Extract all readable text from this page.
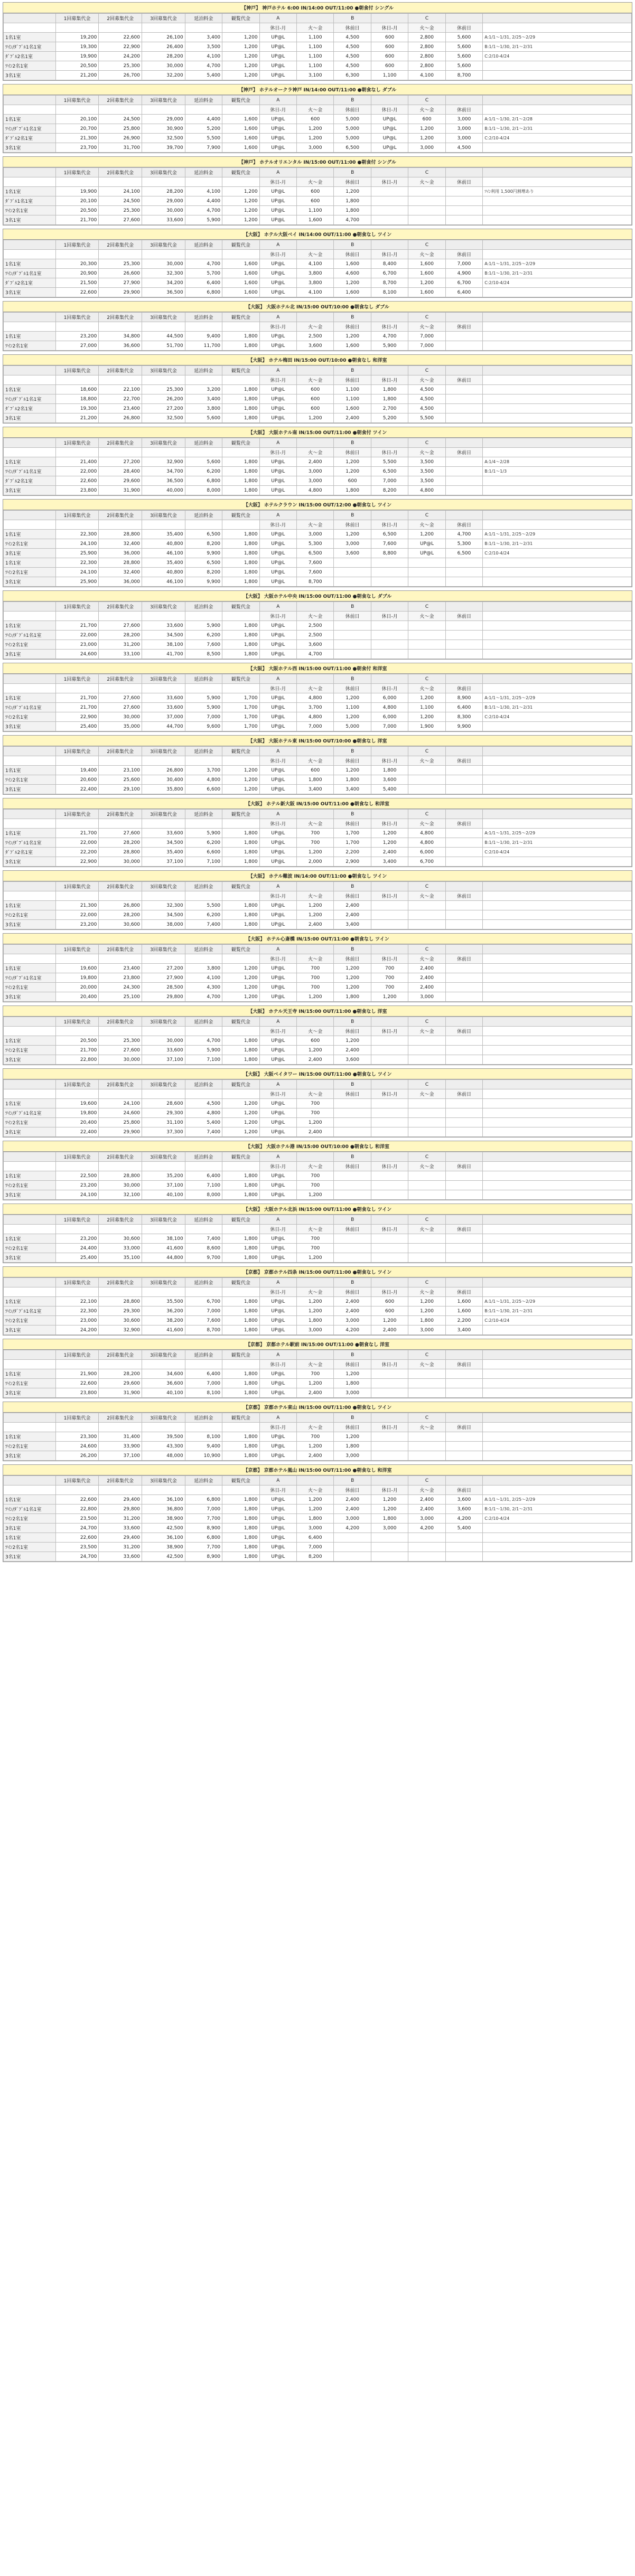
【神戸】 神戸ホテル 6:00 IN/14:00 OUT/11:00 ●朝食付 シングル
	1回募集代金	2回募集代金	3回募集代金	延泊料金	観覧代金	A		B		C		
						休日-月	火〜金	休前日	休日-月	火〜金	休前日	
1名1室	19,200	22,600	26,100	3,400	1,200	UP@L	1,100	4,500	600	2,800	5,600	A:1/1〜1/31, 2/25〜2/29
ﾂｲﾝ/ﾀﾞﾌﾞﾙ1名1室	19,300	22,900	26,400	3,500	1,200	UP@L	1,100	4,500	600	2,800	5,600	B:1/1〜1/30, 2/1〜2/31
ﾀﾞﾌﾞﾙ2名1室	19,900	24,200	28,200	4,100	1,200	UP@L	1,100	4,500	600	2,800	5,600	C:2/10-4/24
ﾂｲﾝ2名1室	20,500	25,300	30,000	4,700	1,200	UP@L	1,100	4,500	600	2,800	5,600	
3名1室	21,200	26,700	32,200	5,400	1,200	UP@L	3,100	6,300	1,100	4,100	8,700	
【神戸】 ホテルオークラ神戸 IN/14:00 OUT/11:00 ●朝食なし ダブル
	1回募集代金	2回募集代金	3回募集代金	延泊料金	観覧代金	A		B		C		
						休日-月	火〜金	休前日	休日-月	火〜金	休前日	
1名1室	20,100	24,500	29,000	4,400	1,600	UP@L	600	5,000	UP@L	600	3,000	A:1/1〜1/30, 2/1〜2/28
ﾂｲﾝ/ﾀﾞﾌﾞﾙ1名1室	20,700	25,800	30,900	5,200	1,600	UP@L	1,200	5,000	UP@L	1,200	3,000	B:1/1〜1/30, 2/1〜2/31
ﾀﾞﾌﾞﾙ2名1室	21,300	26,900	32,500	5,500	1,600	UP@L	1,200	5,000	UP@L	1,200	3,000	C:2/10-4/24
3名1室	23,700	31,700	39,700	7,900	1,600	UP@L	3,000	6,500	UP@L	3,000	4,500	
【神戸】 ホテルオリエンタル IN/15:00 OUT/11:00 ●朝食付 シングル
	1回募集代金	2回募集代金	3回募集代金	延泊料金	観覧代金	A		B		C		
						休日-月	火〜金	休前日	休日-月	火〜金	休前日	
1名1室	19,900	24,100	28,200	4,100	1,200	UP@L	600	1,200				ﾂｲﾝ利用 1,500円割増あり
ﾀﾞﾌﾞﾙ1名1室	20,100	24,500	29,000	4,400	1,200	UP@L	600	1,800				
ﾂｲﾝ2名1室	20,500	25,300	30,000	4,700	1,200	UP@L	1,100	1,800				
3名1室	21,700	27,600	33,600	5,900	1,200	UP@L	1,600	4,700				
【大阪】 ホテル大阪ベイ IN/14:00 OUT/11:00 ●朝食なし ツイン
	1回募集代金	2回募集代金	3回募集代金	延泊料金	観覧代金	A		B		C		
						休日-月	火〜金	休前日	休日-月	火〜金	休前日	
1名1室	20,300	25,300	30,000	4,700	1,600	UP@L	4,100	1,600	8,400	1,600	7,000	A:1/1〜1/31, 2/25〜2/29
ﾂｲﾝ/ﾀﾞﾌﾞﾙ1名1室	20,900	26,600	32,300	5,700	1,600	UP@L	3,800	4,600	6,700	1,600	4,900	B:1/1〜1/30, 2/1〜2/31
ﾀﾞﾌﾞﾙ2名1室	21,500	27,900	34,200	6,400	1,600	UP@L	3,800	1,200	8,700	1,200	6,700	C:2/10-4/24
3名1室	22,600	29,900	36,500	6,800	1,600	UP@L	4,100	1,600	8,100	1,600	6,400	
【大阪】 大阪ホテル北 IN/15:00 OUT/10:00 ●朝食なし ダブル
	1回募集代金	2回募集代金	3回募集代金	延泊料金	観覧代金	A		B		C		
						休日-月	火〜金	休前日	休日-月	火〜金	休前日	
1名1室	23,200	34,800	44,500	9,400	1,800	UP@L	2,500	1,200	4,700	7,000		
ﾂｲﾝ2名1室	27,000	36,600	51,700	11,700	1,800	UP@L	3,600	1,600	5,900	7,000		
【大阪】 ホテル梅田 IN/15:00 OUT/10:00 ●朝食なし 和洋室
	1回募集代金	2回募集代金	3回募集代金	延泊料金	観覧代金	A		B		C		
						休日-月	火〜金	休前日	休日-月	火〜金	休前日	
1名1室	18,600	22,100	25,300	3,200	1,800	UP@L	600	1,100	1,800	4,500		
ﾂｲﾝ/ﾀﾞﾌﾞﾙ1名1室	18,800	22,700	26,200	3,400	1,800	UP@L	600	1,100	1,800	4,500		
ﾀﾞﾌﾞﾙ2名1室	19,300	23,400	27,200	3,800	1,800	UP@L	600	1,600	2,700	4,500		
3名1室	21,200	26,800	32,500	5,600	1,800	UP@L	1,200	2,400	5,200	5,500		
【大阪】 大阪ホテル南 IN/15:00 OUT/11:00 ●朝食付 ツイン
	1回募集代金	2回募集代金	3回募集代金	延泊料金	観覧代金	A		B		C		
						休日-月	火〜金	休前日	休日-月	火〜金	休前日	
1名1室	21,400	27,200	32,900	5,600	1,800	UP@L	2,400	1,200	5,500	3,500		A:1/4〜2/28
ﾂｲﾝ/ﾀﾞﾌﾞﾙ1名1室	22,000	28,400	34,700	6,200	1,800	UP@L	3,000	1,200	6,500	3,500		B:1/1〜1/3
ﾀﾞﾌﾞﾙ2名1室	22,600	29,600	36,500	6,800	1,800	UP@L	3,000	600	7,000	3,500		
3名1室	23,800	31,900	40,000	8,000	1,800	UP@L	4,800	1,800	8,200	4,800		
【大阪】 ホテルクラウン IN/15:00 OUT/12:00 ●朝食なし ツイン
	1回募集代金	2回募集代金	3回募集代金	延泊料金	観覧代金	A		B		C		
						休日-月	火〜金	休前日	休日-月	火〜金	休前日	
1名1室	22,300	28,800	35,400	6,500	1,800	UP@L	3,000	1,200	6,500	1,200	4,700	A:1/1〜1/31, 2/25〜2/29
ﾂｲﾝ2名1室	24,100	32,400	40,800	8,200	1,800	UP@L	5,300	3,000	7,600	UP@L	5,300	B:1/1〜1/30, 2/1〜2/31
3名1室	25,900	36,000	46,100	9,900	1,800	UP@L	6,500	3,600	8,800	UP@L	6,500	C:2/10-4/24
1名1室	22,300	28,800	35,400	6,500	1,800	UP@L	7,600					
ﾂｲﾝ2名1室	24,100	32,400	40,800	8,200	1,800	UP@L	7,600					
3名1室	25,900	36,000	46,100	9,900	1,800	UP@L	8,700					
【大阪】 大阪ホテル中央 IN/15:00 OUT/11:00 ●朝食なし ダブル
	1回募集代金	2回募集代金	3回募集代金	延泊料金	観覧代金	A		B		C		
						休日-月	火〜金	休前日	休日-月	火〜金	休前日	
1名1室	21,700	27,600	33,600	5,900	1,800	UP@L	2,500					
ﾂｲﾝ/ﾀﾞﾌﾞﾙ1名1室	22,000	28,200	34,500	6,200	1,800	UP@L	2,500					
ﾂｲﾝ2名1室	23,000	31,200	38,100	7,600	1,800	UP@L	3,600					
3名1室	24,600	33,100	41,700	8,500	1,800	UP@L	4,700					
【大阪】 大阪ホテル西 IN/15:00 OUT/11:00 ●朝食付 和洋室
	1回募集代金	2回募集代金	3回募集代金	延泊料金	観覧代金	A		B		C		
						休日-月	火〜金	休前日	休日-月	火〜金	休前日	
1名1室	21,700	27,600	33,600	5,900	1,700	UP@L	4,800	1,200	6,000	1,200	8,900	A:1/1〜1/31, 2/25〜2/29
ﾂｲﾝ/ﾀﾞﾌﾞﾙ1名1室	21,700	27,600	33,600	5,900	1,700	UP@L	3,700	1,100	4,800	1,100	6,400	B:1/1〜1/30, 2/1〜2/31
ﾂｲﾝ2名1室	22,900	30,000	37,000	7,000	1,700	UP@L	4,800	1,200	6,000	1,200	8,300	C:2/10-4/24
3名1室	25,400	35,000	44,700	9,600	1,700	UP@L	7,000	5,000	7,000	1,900	9,900	
【大阪】 大阪ホテル東 IN/15:00 OUT/10:00 ●朝食なし 洋室
	1回募集代金	2回募集代金	3回募集代金	延泊料金	観覧代金	A		B		C		
						休日-月	火〜金	休前日	休日-月	火〜金	休前日	
1名1室	19,400	23,100	26,800	3,700	1,200	UP@L	600	1,200	1,800			
ﾂｲﾝ2名1室	20,600	25,600	30,400	4,800	1,200	UP@L	1,800	1,800	3,600			
3名1室	22,400	29,100	35,800	6,600	1,200	UP@L	3,400	3,400	5,400			
【大阪】 ホテル新大阪 IN/15:00 OUT/11:00 ●朝食なし 和洋室
	1回募集代金	2回募集代金	3回募集代金	延泊料金	観覧代金	A		B		C		
						休日-月	火〜金	休前日	休日-月	火〜金	休前日	
1名1室	21,700	27,600	33,600	5,900	1,800	UP@L	700	1,700	1,200	4,800		A:1/1〜1/31, 2/25〜2/29
ﾂｲﾝ/ﾀﾞﾌﾞﾙ1名1室	22,000	28,200	34,500	6,200	1,800	UP@L	700	1,700	1,200	4,800		B:1/1〜1/30, 2/1〜2/31
ﾀﾞﾌﾞﾙ2名1室	22,200	28,800	35,400	6,600	1,800	UP@L	1,200	2,200	2,400	6,000		C:2/10-4/24
3名1室	22,900	30,000	37,100	7,100	1,800	UP@L	2,000	2,900	3,400	6,700		
【大阪】 ホテル難波 IN/14:00 OUT/11:00 ●朝食なし ツイン
	1回募集代金	2回募集代金	3回募集代金	延泊料金	観覧代金	A		B		C		
						休日-月	火〜金	休前日	休日-月	火〜金	休前日	
1名1室	21,300	26,800	32,300	5,500	1,800	UP@L	1,200	2,400				
ﾂｲﾝ2名1室	22,000	28,200	34,500	6,200	1,800	UP@L	1,200	2,400				
3名1室	23,200	30,600	38,000	7,400	1,800	UP@L	2,400	3,400				
【大阪】 ホテル心斎橋 IN/15:00 OUT/11:00 ●朝食なし ツイン
	1回募集代金	2回募集代金	3回募集代金	延泊料金	観覧代金	A		B		C		
						休日-月	火〜金	休前日	休日-月	火〜金	休前日	
1名1室	19,600	23,400	27,200	3,800	1,200	UP@L	700	1,200	700	2,400		
ﾂｲﾝ/ﾀﾞﾌﾞﾙ1名1室	19,800	23,800	27,900	4,100	1,200	UP@L	700	1,200	700	2,400		
ﾂｲﾝ2名1室	20,000	24,300	28,500	4,300	1,200	UP@L	700	1,200	700	2,400		
3名1室	20,400	25,100	29,800	4,700	1,200	UP@L	1,200	1,800	1,200	3,000		
【大阪】 ホテル天王寺 IN/15:00 OUT/11:00 ●朝食なし 洋室
	1回募集代金	2回募集代金	3回募集代金	延泊料金	観覧代金	A		B		C		
						休日-月	火〜金	休前日	休日-月	火〜金	休前日	
1名1室	20,500	25,300	30,000	4,700	1,800	UP@L	600	1,200				
ﾂｲﾝ2名1室	21,700	27,600	33,600	5,900	1,800	UP@L	1,200	2,400				
3名1室	22,800	30,000	37,100	7,100	1,800	UP@L	2,400	3,600				
【大阪】 大阪ベイタワー IN/15:00 OUT/11:00 ●朝食なし ツイン
	1回募集代金	2回募集代金	3回募集代金	延泊料金	観覧代金	A		B		C		
						休日-月	火〜金	休前日	休日-月	火〜金	休前日	
1名1室	19,600	24,100	28,600	4,500	1,200	UP@L	700					
ﾂｲﾝ/ﾀﾞﾌﾞﾙ1名1室	19,800	24,600	29,300	4,800	1,200	UP@L	700					
ﾂｲﾝ2名1室	20,400	25,800	31,100	5,400	1,200	UP@L	1,200					
3名1室	22,400	29,900	37,300	7,400	1,200	UP@L	2,400					
【大阪】 大阪ホテル港 IN/15:00 OUT/10:00 ●朝食なし 和洋室
	1回募集代金	2回募集代金	3回募集代金	延泊料金	観覧代金	A		B		C		
						休日-月	火〜金	休前日	休日-月	火〜金	休前日	
1名1室	22,500	28,800	35,200	6,400	1,800	UP@L	700					
ﾂｲﾝ2名1室	23,200	30,000	37,100	7,100	1,800	UP@L	700					
3名1室	24,100	32,100	40,100	8,000	1,800	UP@L	1,200					
【大阪】 大阪ホテル北浜 IN/15:00 OUT/11:00 ●朝食なし ツイン
	1回募集代金	2回募集代金	3回募集代金	延泊料金	観覧代金	A		B		C		
						休日-月	火〜金	休前日	休日-月	火〜金	休前日	
1名1室	23,200	30,600	38,100	7,400	1,800	UP@L	700					
ﾂｲﾝ2名1室	24,400	33,000	41,600	8,600	1,800	UP@L	700					
3名1室	25,400	35,100	44,800	9,700	1,800	UP@L	1,200					
【京都】 京都ホテル四条 IN/15:00 OUT/11:00 ●朝食なし ツイン
	1回募集代金	2回募集代金	3回募集代金	延泊料金	観覧代金	A		B		C		
						休日-月	火〜金	休前日	休日-月	火〜金	休前日	
1名1室	22,100	28,800	35,500	6,700	1,800	UP@L	1,200	2,400	600	1,200	1,600	A:1/1〜1/31, 2/25〜2/29
ﾂｲﾝ/ﾀﾞﾌﾞﾙ1名1室	22,300	29,300	36,200	7,000	1,800	UP@L	1,200	2,400	600	1,200	1,600	B:1/1〜1/30, 2/1〜2/31
ﾂｲﾝ2名1室	23,000	30,600	38,200	7,600	1,800	UP@L	1,800	3,000	1,200	1,800	2,200	C:2/10-4/24
3名1室	24,200	32,900	41,600	8,700	1,800	UP@L	3,000	4,200	2,400	3,000	3,400	
【京都】 京都ホテル駅前 IN/15:00 OUT/11:00 ●朝食なし 洋室
	1回募集代金	2回募集代金	3回募集代金	延泊料金	観覧代金	A		B		C		
						休日-月	火〜金	休前日	休日-月	火〜金	休前日	
1名1室	21,900	28,200	34,600	6,400	1,800	UP@L	700	1,200				
ﾂｲﾝ2名1室	22,600	29,600	36,600	7,000	1,800	UP@L	1,200	1,800				
3名1室	23,800	31,900	40,100	8,100	1,800	UP@L	2,400	3,000				
【京都】 京都ホテル東山 IN/15:00 OUT/11:00 ●朝食なし ツイン
	1回募集代金	2回募集代金	3回募集代金	延泊料金	観覧代金	A		B		C		
						休日-月	火〜金	休前日	休日-月	火〜金	休前日	
1名1室	23,300	31,400	39,500	8,100	1,800	UP@L	700	1,200				
ﾂｲﾝ2名1室	24,600	33,900	43,300	9,400	1,800	UP@L	1,200	1,800				
3名1室	26,200	37,100	48,000	10,900	1,800	UP@L	2,400	3,000				
【京都】 京都ホテル嵐山 IN/15:00 OUT/11:00 ●朝食なし 和洋室
	1回募集代金	2回募集代金	3回募集代金	延泊料金	観覧代金	A		B		C		
						休日-月	火〜金	休前日	休日-月	火〜金	休前日	
1名1室	22,600	29,400	36,100	6,800	1,800	UP@L	1,200	2,400	1,200	2,400	3,600	A:1/1〜1/31, 2/25〜2/29
ﾂｲﾝ/ﾀﾞﾌﾞﾙ1名1室	22,800	29,800	36,800	7,000	1,800	UP@L	1,200	2,400	1,200	2,400	3,600	B:1/1〜1/30, 2/1〜2/31
ﾂｲﾝ2名1室	23,500	31,200	38,900	7,700	1,800	UP@L	1,800	3,000	1,800	3,000	4,200	C:2/10-4/24
3名1室	24,700	33,600	42,500	8,900	1,800	UP@L	3,000	4,200	3,000	4,200	5,400	
1名1室	22,600	29,400	36,100	6,800	1,800	UP@L	6,400					
ﾂｲﾝ2名1室	23,500	31,200	38,900	7,700	1,800	UP@L	7,000					
3名1室	24,700	33,600	42,500	8,900	1,800	UP@L	8,200					
